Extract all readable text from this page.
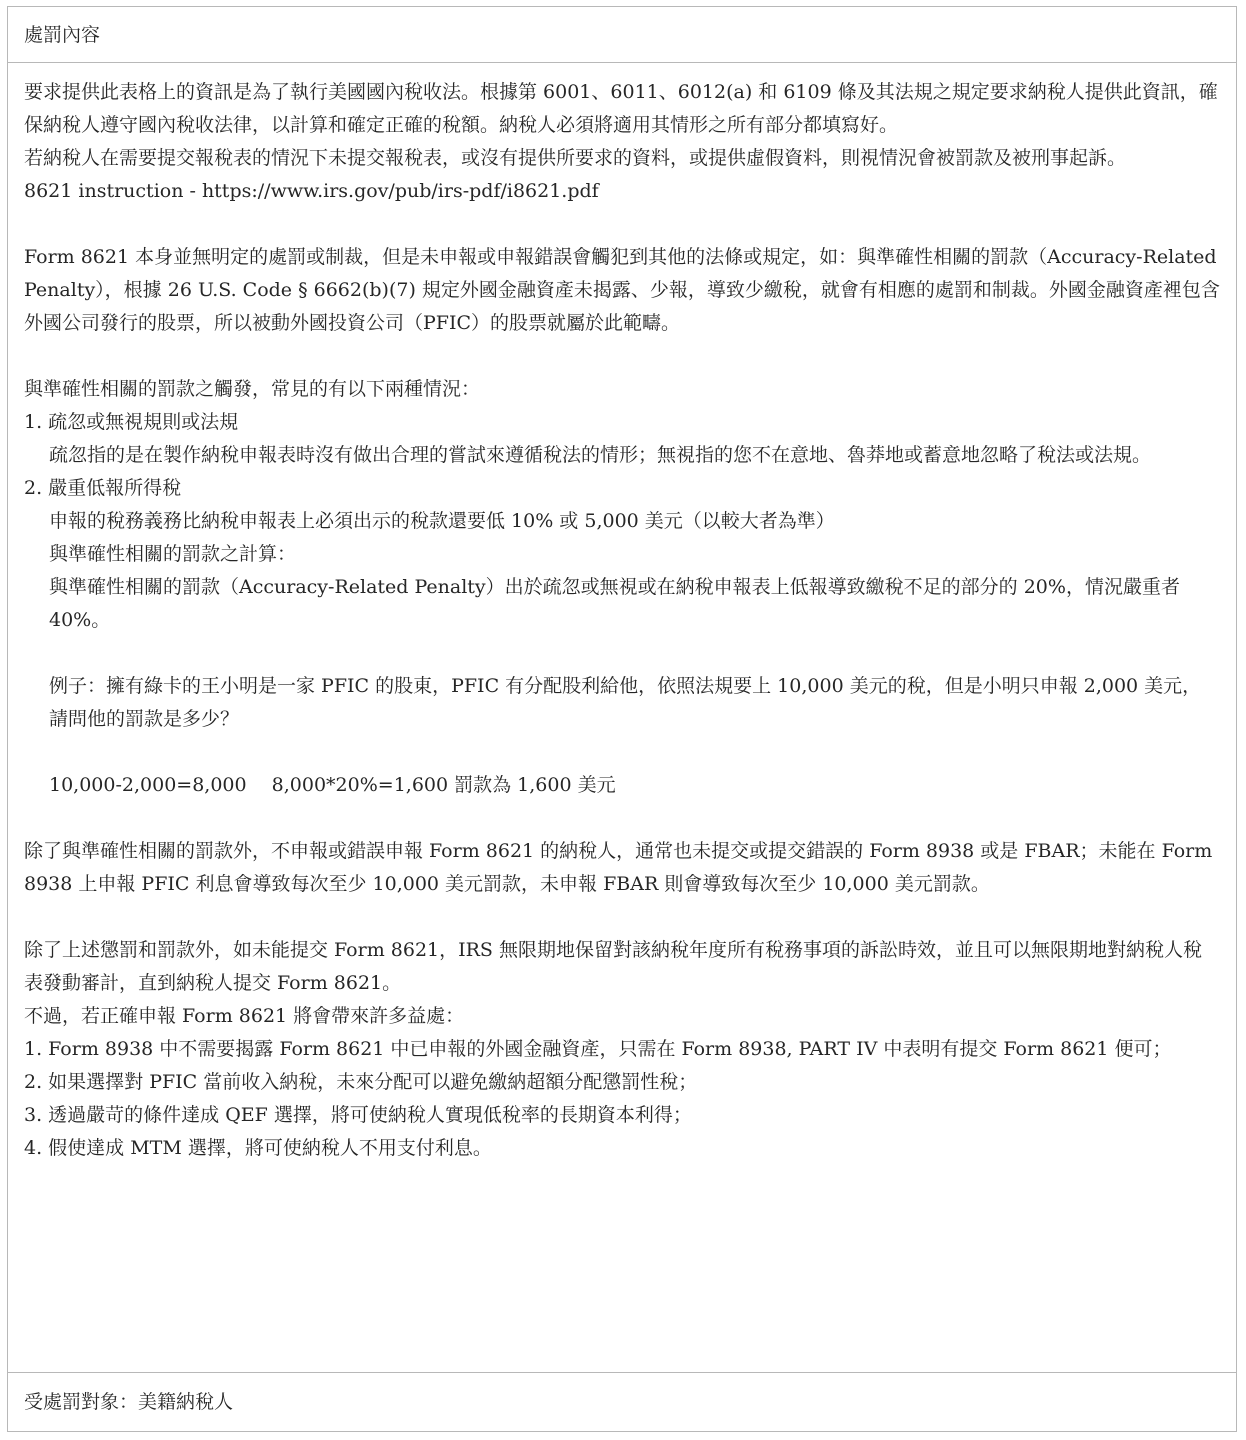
處罰內容

要求提供此表格上的資訊是為了執行美國國內稅收法。根據第 6001、6011、6012(a) 和 6109 條及其法規之規定要求納稅人提供此資訊，確保納稅人遵守國內稅收法律，以計算和確定正確的稅額。納稅人必須將適用其情形之所有部分都填寫好。

若納稅人在需要提交報稅表的情況下未提交報稅表，或沒有提供所要求的資料，或提供虛假資料，則視情況會被罰款及被刑事起訴。

8621 instruction - https://www.irs.gov/pub/irs-pdf/i8621.pdf

Form 8621 本身並無明定的處罰或制裁，但是未申報或申報錯誤會觸犯到其他的法條或規定，如：與準確性相關的罰款（Accuracy-Related Penalty），根據 26 U.S. Code § 6662(b)(7) 規定外國金融資產未揭露、少報，導致少繳稅，就會有相應的處罰和制裁。外國金融資產裡包含外國公司發行的股票，所以被動外國投資公司（PFIC）的股票就屬於此範疇。

與準確性相關的罰款之觸發，常見的有以下兩種情況：

1. 疏忽或無視規則或法規

疏忽指的是在製作納稅申報表時沒有做出合理的嘗試來遵循稅法的情形；無視指的您不在意地、魯莽地或蓄意地忽略了稅法或法規。

2. 嚴重低報所得稅

申報的稅務義務比納稅申報表上必須出示的稅款還要低 10% 或 5,000 美元（以較大者為準）

與準確性相關的罰款之計算：

與準確性相關的罰款（Accuracy-Related Penalty）出於疏忽或無視或在納稅申報表上低報導致繳稅不足的部分的 20%，情況嚴重者 40%。

例子：擁有綠卡的王小明是一家 PFIC 的股東，PFIC 有分配股利給他，依照法規要上 10,000 美元的稅，但是小明只申報 2,000 美元，請問他的罰款是多少？

10,000-2,000=8,000　 8,000*20%=1,600 罰款為 1,600 美元

除了與準確性相關的罰款外，不申報或錯誤申報 Form 8621 的納稅人，通常也未提交或提交錯誤的 Form 8938 或是 FBAR；未能在 Form 8938 上申報 PFIC 利息會導致每次至少 10,000 美元罰款，未申報 FBAR 則會導致每次至少 10,000 美元罰款。

除了上述懲罰和罰款外，如未能提交 Form 8621，IRS 無限期地保留對該納稅年度所有稅務事項的訴訟時效，並且可以無限期地對納稅人稅表發動審計，直到納稅人提交 Form 8621。

不過，若正確申報 Form 8621 將會帶來許多益處：

1. Form 8938 中不需要揭露 Form 8621 中已申報的外國金融資產，只需在 Form 8938, PART IV 中表明有提交 Form 8621 便可；

2. 如果選擇對 PFIC 當前收入納稅，未來分配可以避免繳納超額分配懲罰性稅；

3. 透過嚴苛的條件達成 QEF 選擇，將可使納稅人實現低稅率的長期資本利得；

4. 假使達成 MTM 選擇，將可使納稅人不用支付利息。

受處罰對象：美籍納稅人
